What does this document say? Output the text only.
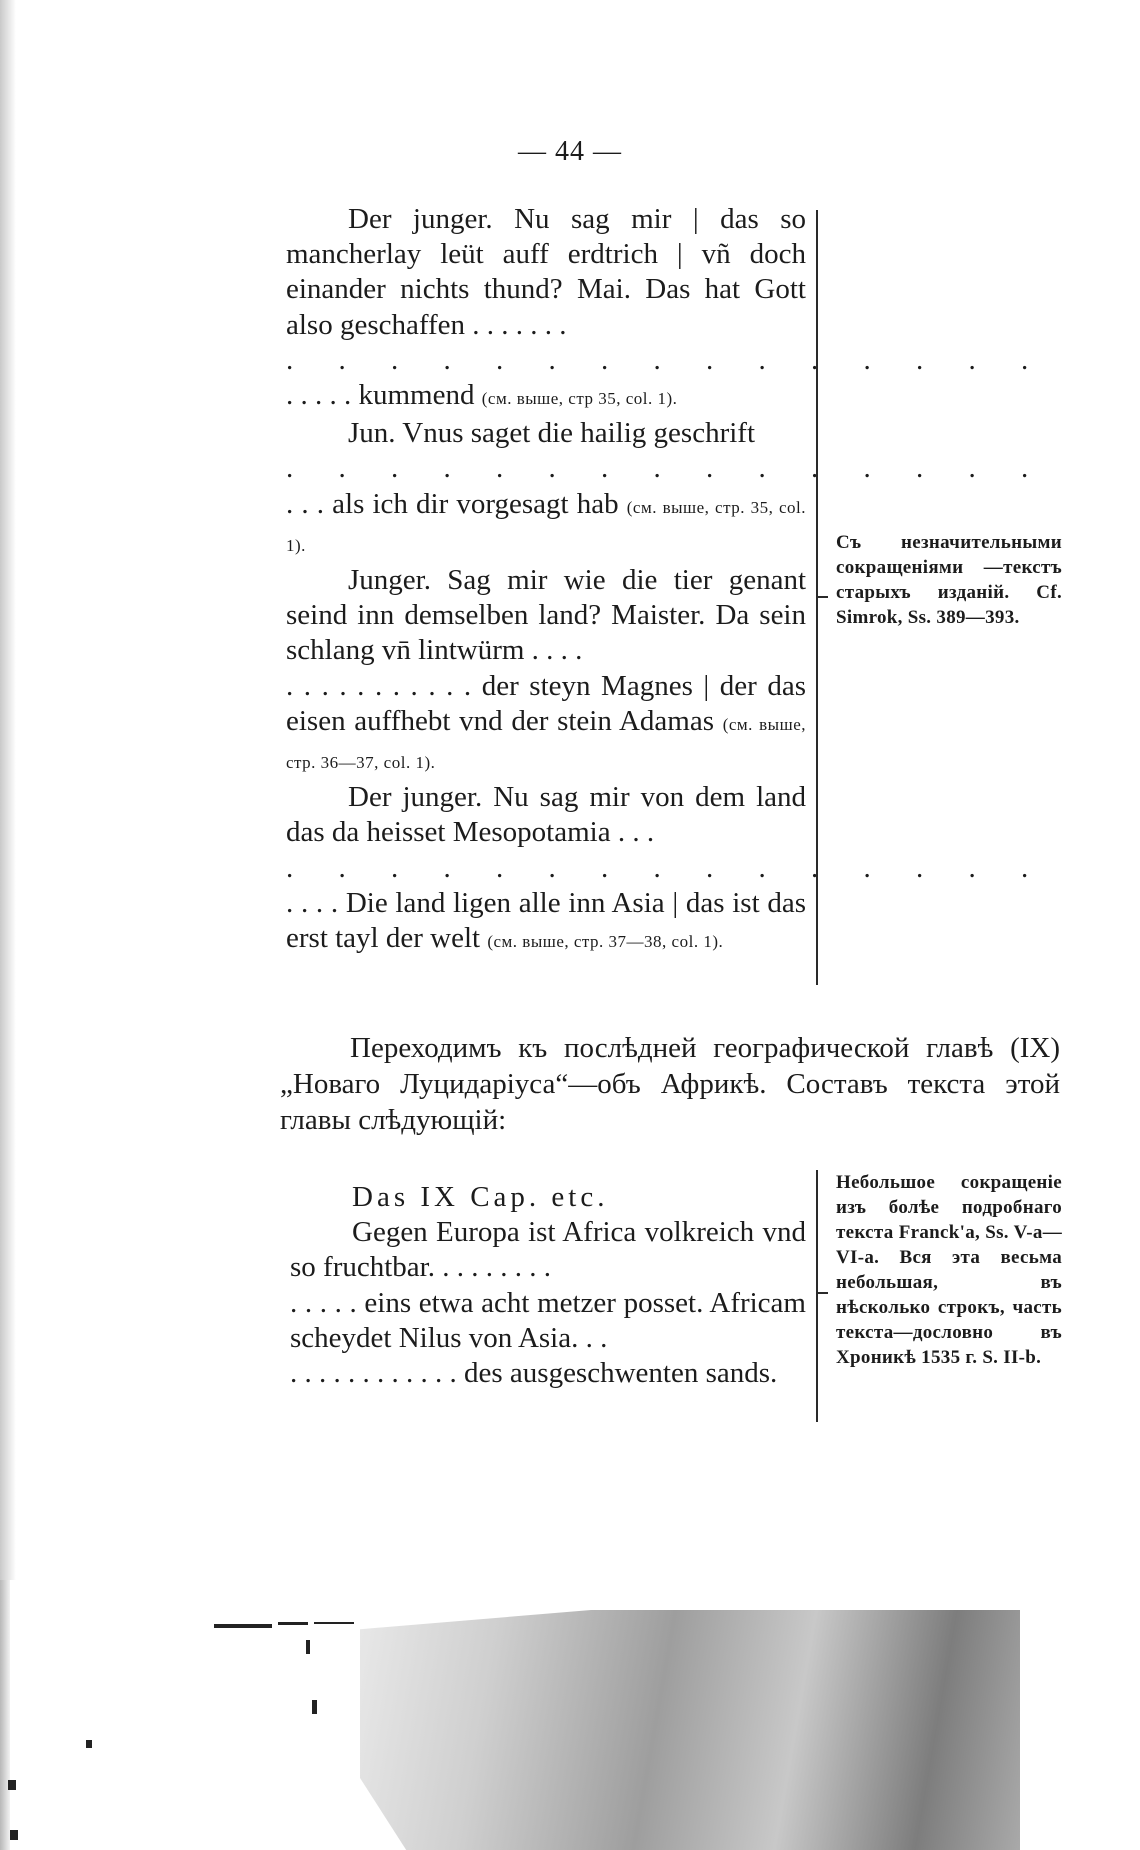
— 44 —

Der junger. Nu sag mir | das so mancherlay leüt auff erdtrich | vñ doch einander nichts thund? Mai. Das hat Gott also geschaffen . . . . . . .

. . . . . . . . . . . . . . .

. . . . . kummend (см. выше, стр 35, col. 1).

Jun. Vnus saget die hailig geschrift

. . . . . . . . . . . . . . .

. . . als ich dir vorgesagt hab (см. выше, стр. 35, col. 1).

Junger. Sag mir wie die tier genant seind inn demselben land? Maister. Da sein schlang vn̄ lintwürm . . . .

. . . . . . . . . . . der steyn Magnes | der das eisen auffhebt vnd der stein Adamas (см. выше, стр. 36—37, col. 1).

Der junger. Nu sag mir von dem land das da heisset Mesopotamia . . .

. . . . . . . . . . . . . . .

. . . . Die land ligen alle inn Asia | das ist das erst tayl der welt (см. выше, стр. 37—38, col. 1).

Съ незначительными сокращеніями —текстъ старыхъ изданій. Cf. Simrok, Ss. 389—393.

Переходимъ къ послѣдней географической главѣ (IX) „Новаго Луцидаріуса“—объ Африкѣ. Составъ текста этой главы слѣдующій:

Das IX Cap. etc.

Gegen Europa ist Africa volkreich vnd so fruchtbar. . . . . . . . .

. . . . . eins etwa acht metzer posset. Africam scheydet Nilus von Asia. . .

. . . . . . . . . . . . des ausgeschwenten sands.

Небольшое сокращеніе изъ болѣе подробнаго текста Franck'a, Ss. V-a—VI-a. Вся эта весьма небольшая, въ нѣсколько строкъ, часть текста—дословно въ Хроникѣ 1535 г. S. II-b.
